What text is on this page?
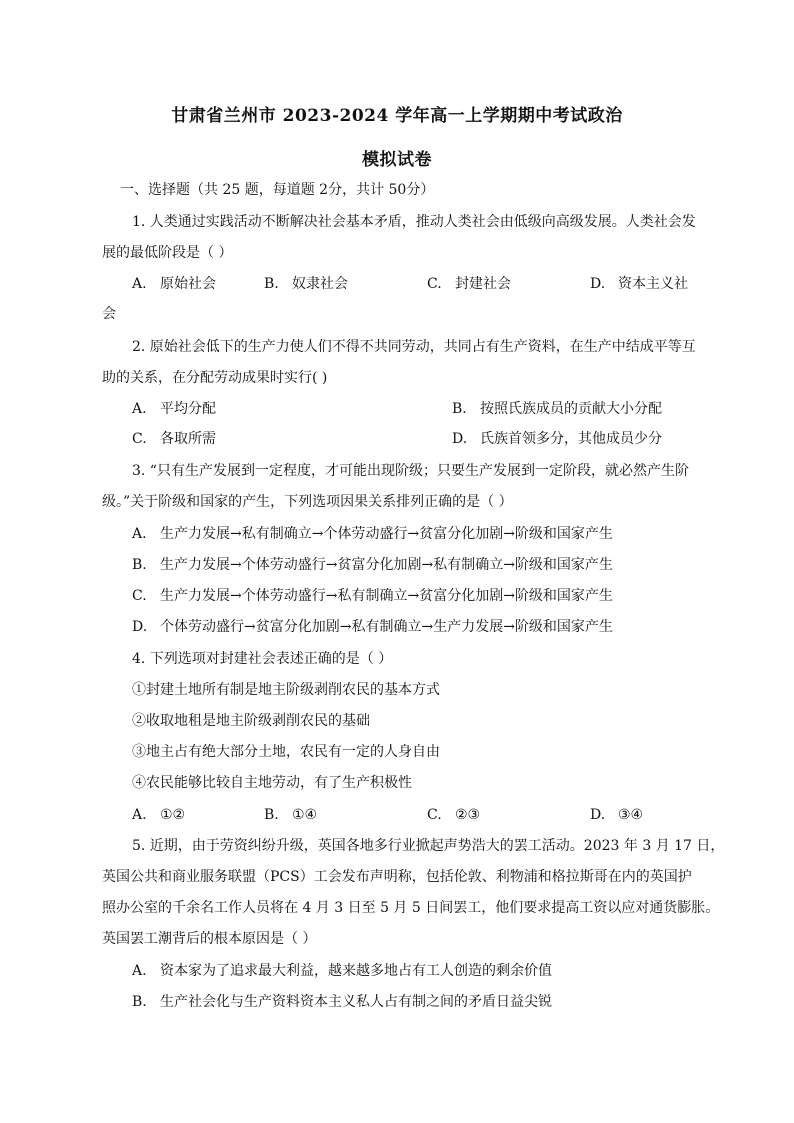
甘肃省兰州市 2023-2024 学年高一上学期期中考试政治
模拟试卷
一、选择题（共 25 题，每道题 2分，共计 50分）
1. 人类通过实践活动不断解决社会基本矛盾，推动人类社会由低级向高级发展。人类社会发
展的最低阶段是（ ）
A. 原始社会	B. 奴隶社会	C. 封建社会	D. 资本主义社
会
2. 原始社会低下的生产力使人们不得不共同劳动，共同占有生产资料，在生产中结成平等互
助的关系，在分配劳动成果时实行( )
A. 平均分配	B. 按照氏族成员的贡献大小分配
C. 各取所需	D. 氏族首领多分，其他成员少分
3. “只有生产发展到一定程度，才可能出现阶级；只要生产发展到一定阶段，就必然产生阶
级。”关于阶级和国家的产生，下列选项因果关系排列正确的是（ ）
A. 生产力发展→私有制确立→个体劳动盛行→贫富分化加剧→阶级和国家产生
B. 生产力发展→个体劳动盛行→贫富分化加剧→私有制确立→阶级和国家产生
C. 生产力发展→个体劳动盛行→私有制确立→贫富分化加剧→阶级和国家产生
D. 个体劳动盛行→贫富分化加剧→私有制确立→生产力发展→阶级和国家产生
4. 下列选项对封建社会表述正确的是（ ）
①封建土地所有制是地主阶级剥削农民的基本方式
②收取地租是地主阶级剥削农民的基础
③地主占有绝大部分土地，农民有一定的人身自由
④农民能够比较自主地劳动，有了生产积极性
A. ①②	B. ①④	C. ②③	D. ③④
5. 近期，由于劳资纠纷升级，英国各地多行业掀起声势浩大的罢工活动。2023 年 3 月 17 日，
英国公共和商业服务联盟（PCS）工会发布声明称，包括伦敦、利物浦和格拉斯哥在内的英国护
照办公室的千余名工作人员将在 4 月 3 日至 5 月 5 日间罢工，他们要求提高工资以应对通货膨胀。
英国罢工潮背后的根本原因是（ ）
A. 资本家为了追求最大利益，越来越多地占有工人创造的剩余价值
B. 生产社会化与生产资料资本主义私人占有制之间的矛盾日益尖锐
